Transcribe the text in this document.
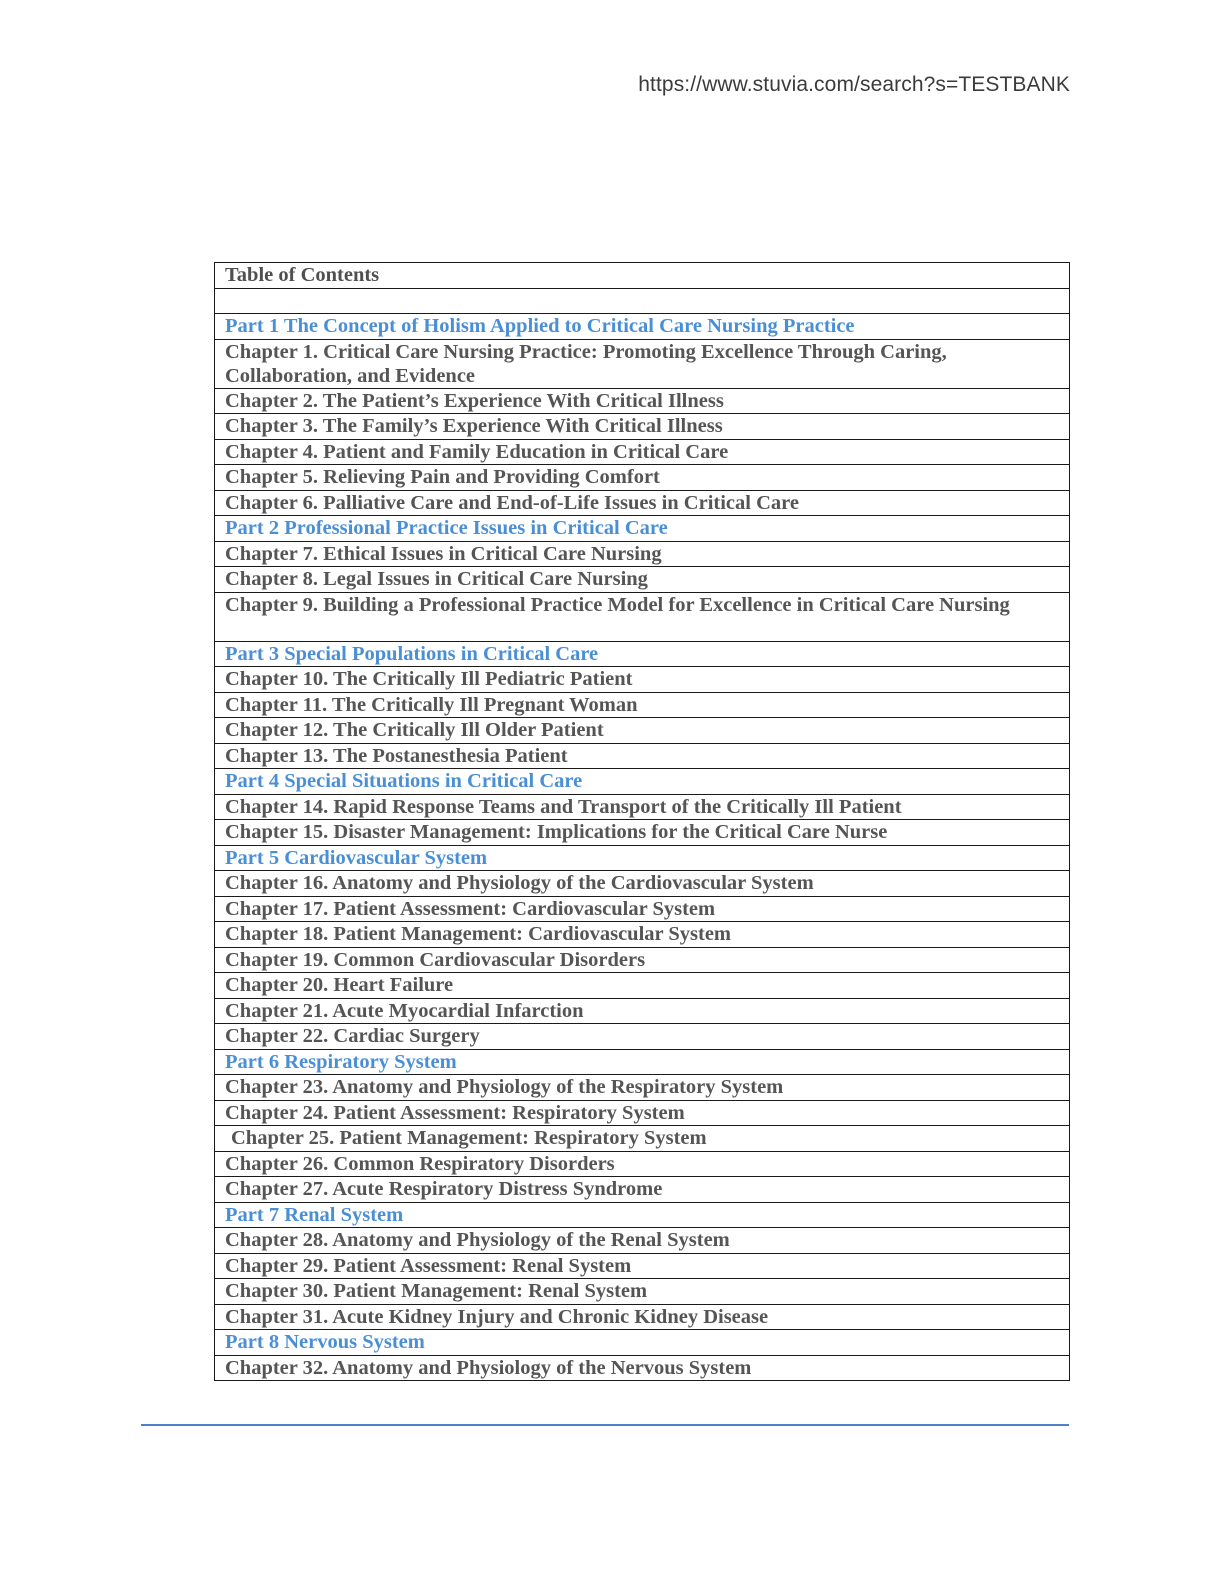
https://www.stuvia.com/search?s=TESTBANK
Table of Contents

Part 1 The Concept of Holism Applied to Critical Care Nursing Practice
Chapter 1. Critical Care Nursing Practice: Promoting Excellence Through Caring, Collaboration, and Evidence
Chapter 2. The Patient’s Experience With Critical Illness
Chapter 3. The Family’s Experience With Critical Illness
Chapter 4. Patient and Family Education in Critical Care
Chapter 5. Relieving Pain and Providing Comfort
Chapter 6. Palliative Care and End-of-Life Issues in Critical Care
Part 2 Professional Practice Issues in Critical Care
Chapter 7. Ethical Issues in Critical Care Nursing
Chapter 8. Legal Issues in Critical Care Nursing
Chapter 9. Building a Professional Practice Model for Excellence in Critical Care Nursing
Part 3 Special Populations in Critical Care
Chapter 10. The Critically Ill Pediatric Patient
Chapter 11. The Critically Ill Pregnant Woman
Chapter 12. The Critically Ill Older Patient
Chapter 13. The Postanesthesia Patient
Part 4 Special Situations in Critical Care
Chapter 14. Rapid Response Teams and Transport of the Critically Ill Patient
Chapter 15. Disaster Management: Implications for the Critical Care Nurse
Part 5 Cardiovascular System
Chapter 16. Anatomy and Physiology of the Cardiovascular System
Chapter 17. Patient Assessment: Cardiovascular System
Chapter 18. Patient Management: Cardiovascular System
Chapter 19. Common Cardiovascular Disorders
Chapter 20. Heart Failure
Chapter 21. Acute Myocardial Infarction
Chapter 22. Cardiac Surgery
Part 6 Respiratory System
Chapter 23. Anatomy and Physiology of the Respiratory System
Chapter 24. Patient Assessment: Respiratory System
Chapter 25. Patient Management: Respiratory System
Chapter 26. Common Respiratory Disorders
Chapter 27. Acute Respiratory Distress Syndrome
Part 7 Renal System
Chapter 28. Anatomy and Physiology of the Renal System
Chapter 29. Patient Assessment: Renal System
Chapter 30. Patient Management: Renal System
Chapter 31. Acute Kidney Injury and Chronic Kidney Disease
Part 8 Nervous System
Chapter 32. Anatomy and Physiology of the Nervous System
